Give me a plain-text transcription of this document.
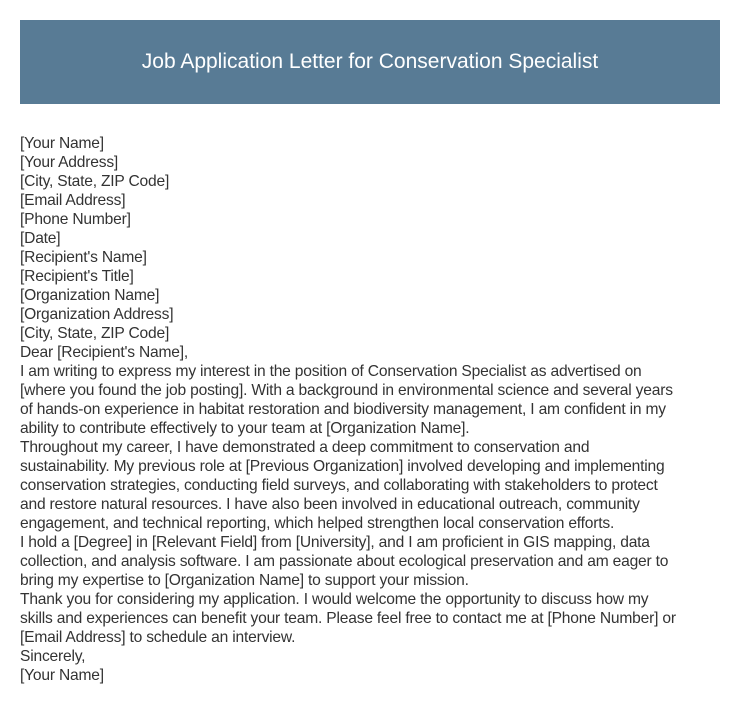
Job Application Letter for Conservation Specialist
[Your Name]
[Your Address]
[City, State, ZIP Code]
[Email Address]
[Phone Number]
[Date]
[Recipient's Name]
[Recipient's Title]
[Organization Name]
[Organization Address]
[City, State, ZIP Code]
Dear [Recipient's Name],
I am writing to express my interest in the position of Conservation Specialist as advertised on
[where you found the job posting]. With a background in environmental science and several years
of hands-on experience in habitat restoration and biodiversity management, I am confident in my
ability to contribute effectively to your team at [Organization Name].
Throughout my career, I have demonstrated a deep commitment to conservation and
sustainability. My previous role at [Previous Organization] involved developing and implementing
conservation strategies, conducting field surveys, and collaborating with stakeholders to protect
and restore natural resources. I have also been involved in educational outreach, community
engagement, and technical reporting, which helped strengthen local conservation efforts.
I hold a [Degree] in [Relevant Field] from [University], and I am proficient in GIS mapping, data
collection, and analysis software. I am passionate about ecological preservation and am eager to
bring my expertise to [Organization Name] to support your mission.
Thank you for considering my application. I would welcome the opportunity to discuss how my
skills and experiences can benefit your team. Please feel free to contact me at [Phone Number] or
[Email Address] to schedule an interview.
Sincerely,
[Your Name]
